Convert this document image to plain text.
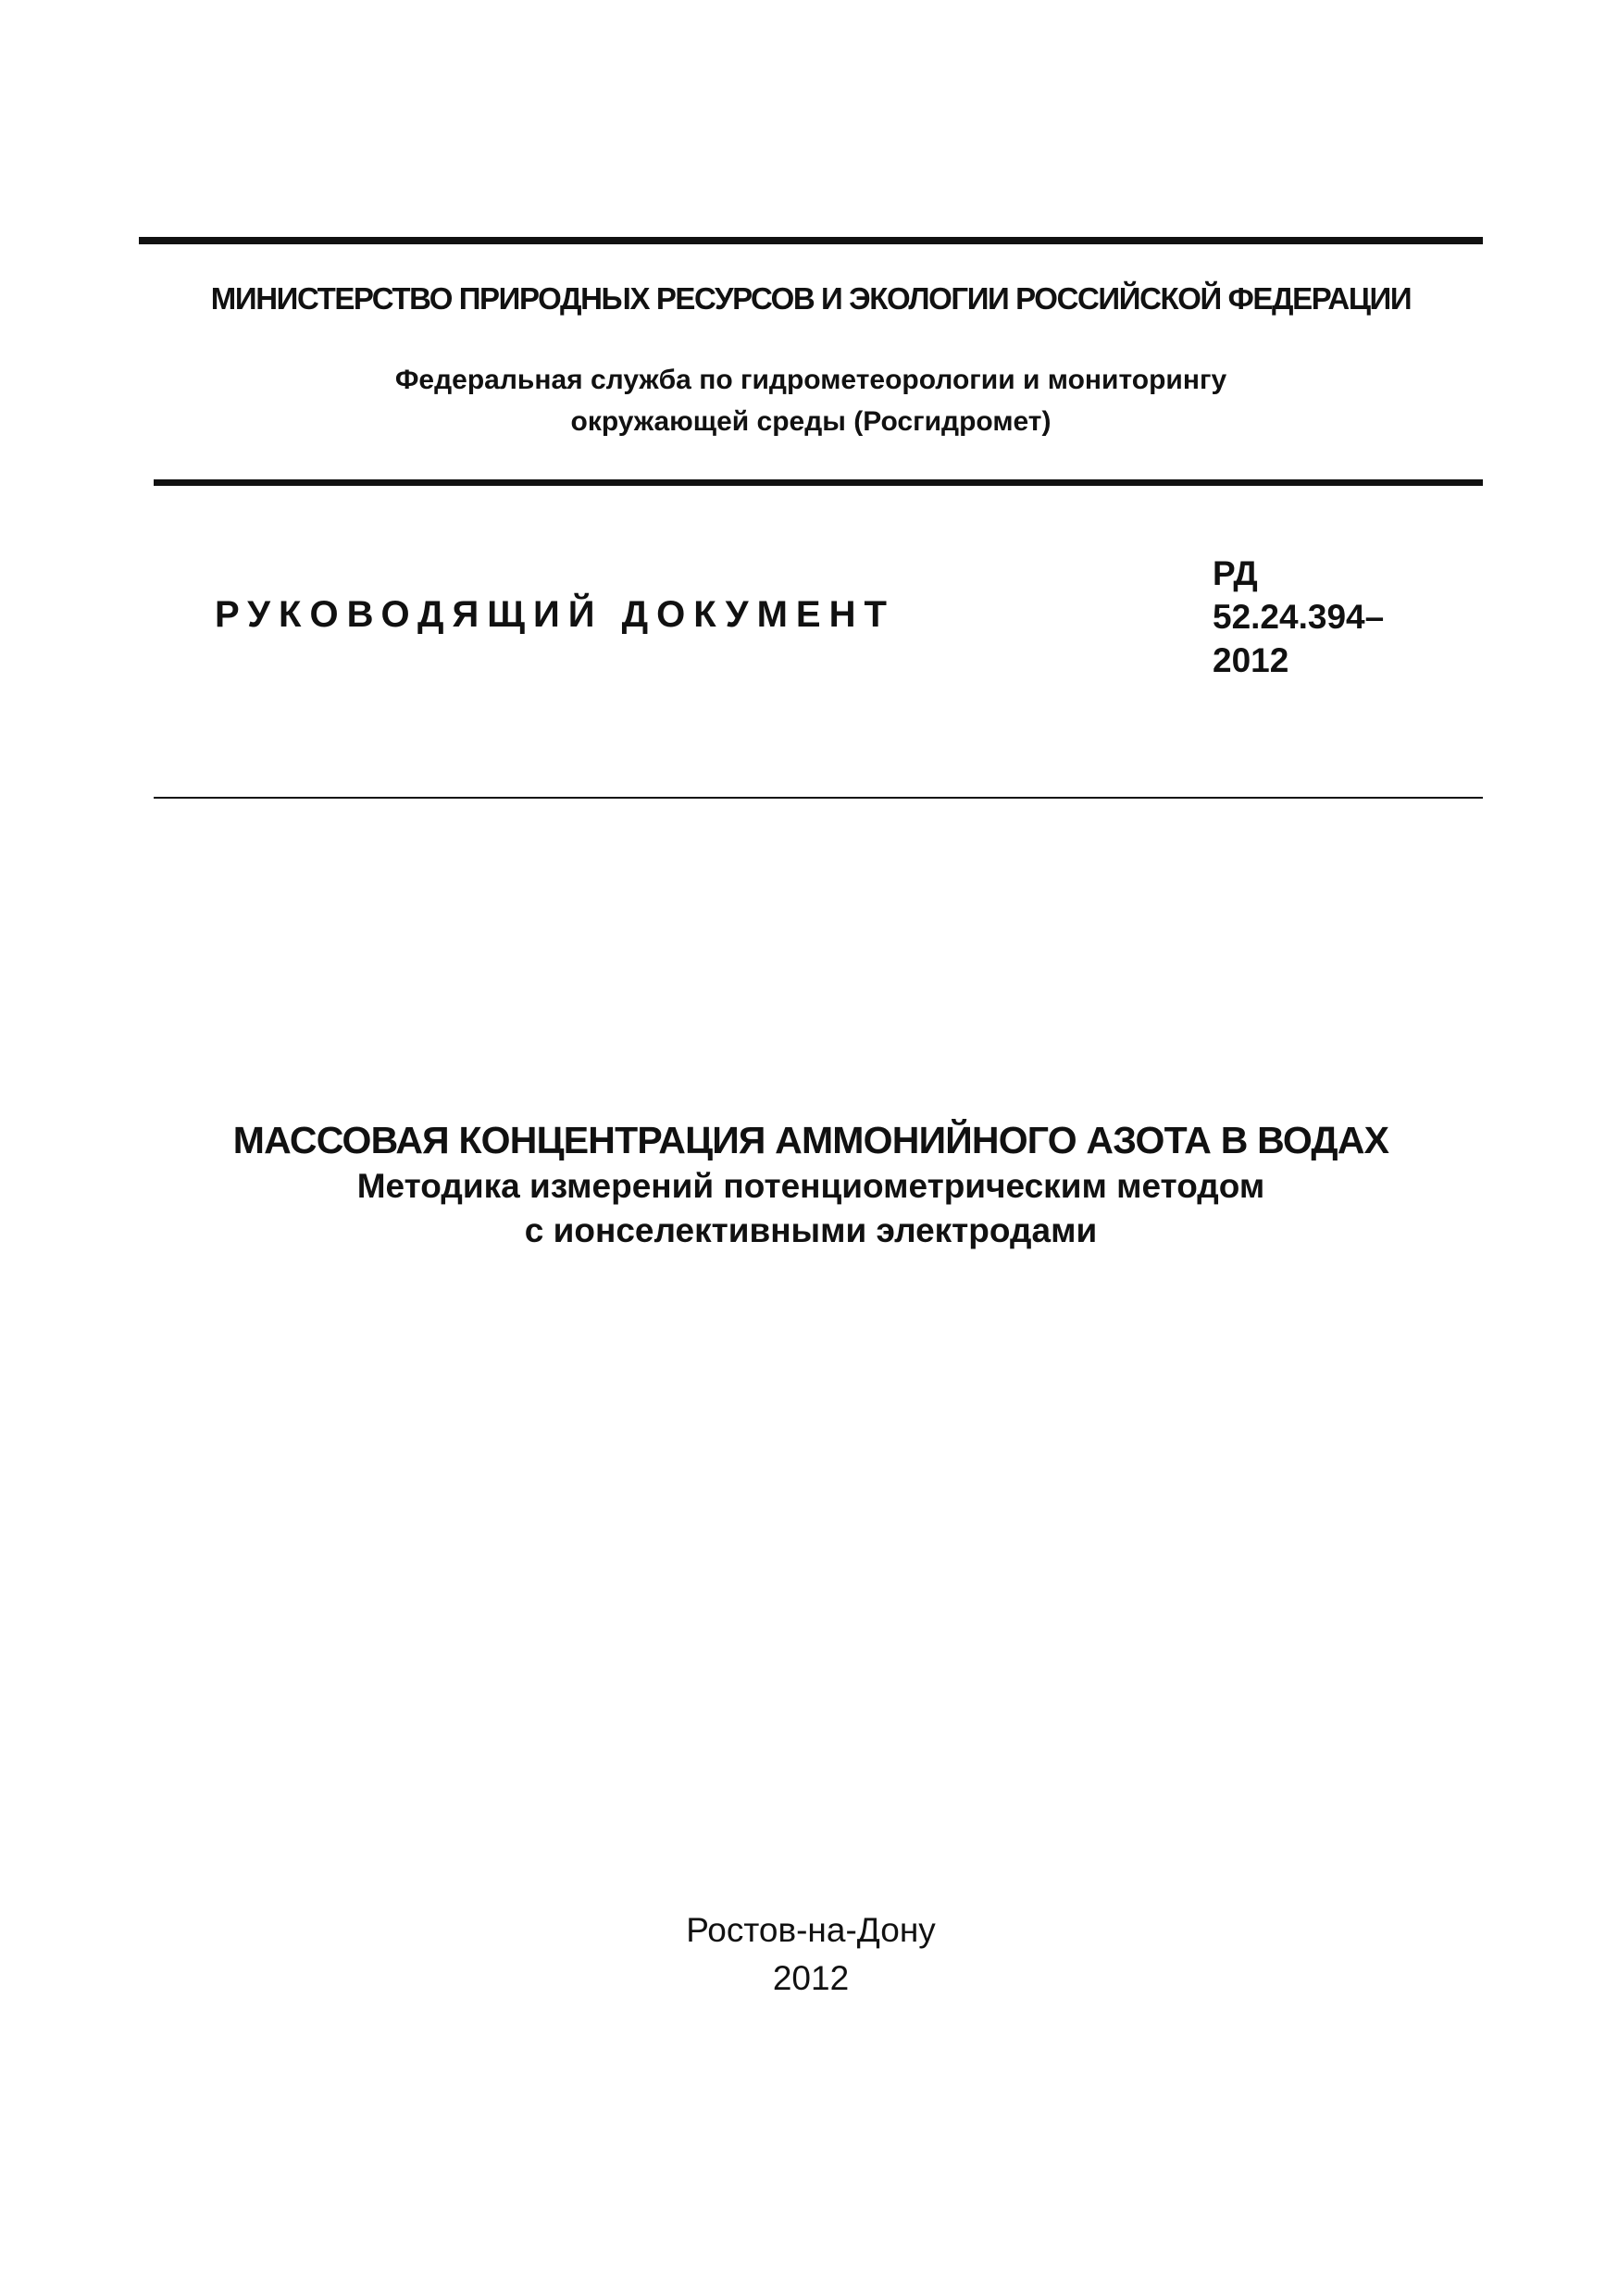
МИНИСТЕРСТВО ПРИРОДНЫХ РЕСУРСОВ И ЭКОЛОГИИ РОССИЙСКОЙ ФЕДЕРАЦИИ
Федеральная служба по гидрометеорологии и мониторингу
окружающей среды (Росгидромет)
РУКОВОДЯЩИЙ ДОКУМЕНТ
РД
52.24.394–
2012
МАССОВАЯ КОНЦЕНТРАЦИЯ АММОНИЙНОГО АЗОТА В ВОДАХ
Методика измерений потенциометрическим методом
с ионселективными электродами
Ростов-на-Дону
2012
